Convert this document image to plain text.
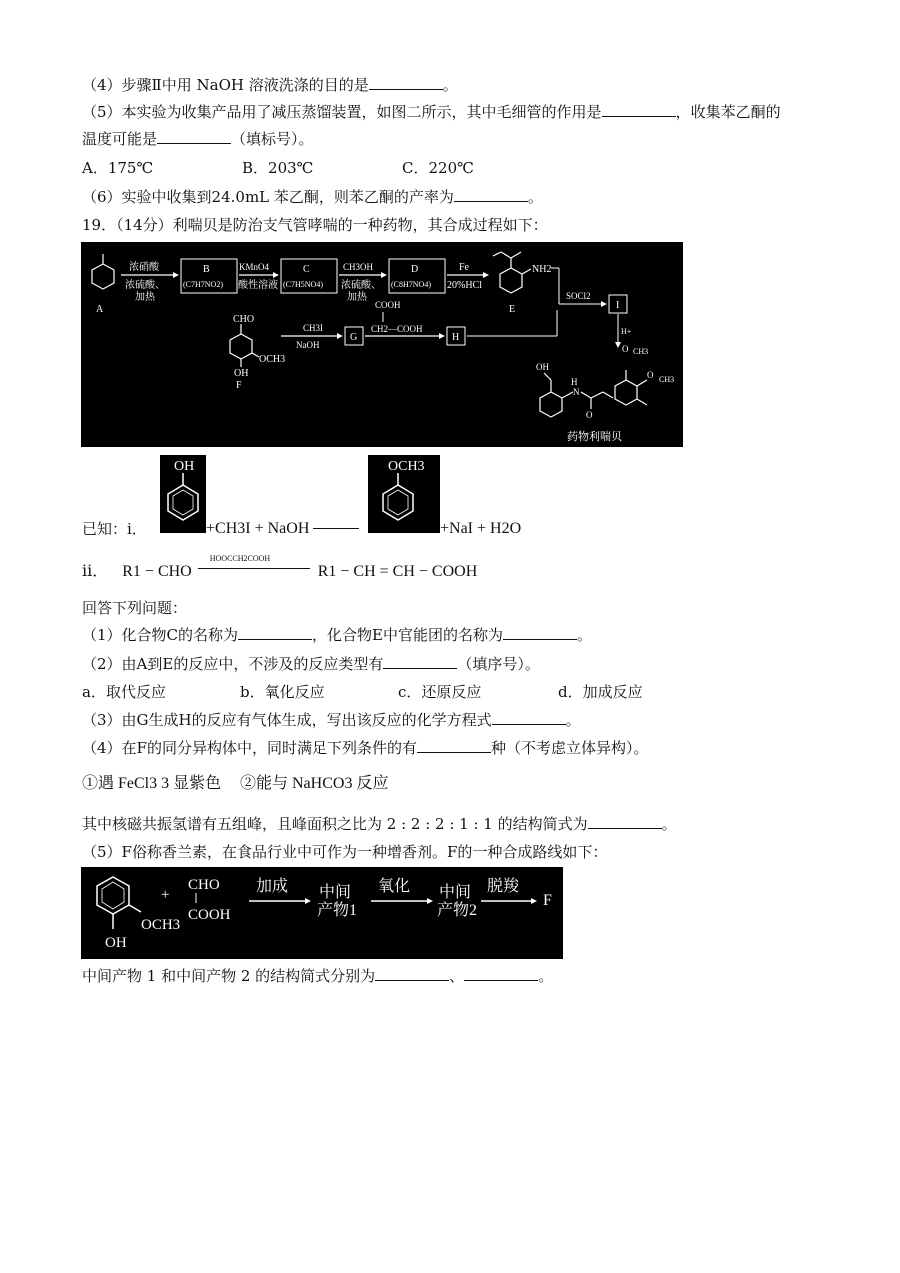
（4）步骤Ⅱ中用 NaOH 溶液洗涤的目的是	。
（5）本实验为收集产品用了减压蒸馏装置，如图二所示，其中毛细管的作用是	，收集苯乙酮的
温度可能是	（填标号）。
A．175℃	B．203℃	C．220℃
（6）实验中收集到24.0mL 苯乙酮，则苯乙酮的产率为	。
19．（14分）利喘贝是防治支气管哮喘的一种药物，其合成过程如下：
A
浓硝酸
浓硫酸、
加热
B
(C7H7NO2)
KMnO4
酸性溶液
C
(C7H5NO4)
CH3OH
浓硫酸、
加热
D
(C8H7NO4)
Fe
20%HCl
NH2
E
SOCl2
I
H+
CHO
OCH3
OH
F
CH3I
NaOH
G
COOH
CH2—COOH
H
OH
H
N
O
O CH3
O CH3
药物利喘贝
已知：ⅰ．
OH
+CH3I + NaOH
OCH3
+NaI + H2O
ⅱ． R1 − CHO
HOOCCH2COOH
R1 − CH = CH − COOH
回答下列问题：
（1）化合物C的名称为	，化合物E中官能团的名称为	。
（2）由A到E的反应中，不涉及的反应类型有	（填序号）。
a．取代反应	b．氧化反应	c．还原反应	d．加成反应
（3）由G生成H的反应有气体生成，写出该反应的化学方程式	。
（4）在F的同分异构体中，同时满足下列条件的有	种（不考虑立体异构）。
①遇 FeCl3 3 显紫色 ②能与 NaHCO3 反应
其中核磁共振氢谱有五组峰，且峰面积之比为 2 : 2 : 2 : 1 : 1 的结构简式为	。
（5）F俗称香兰素，在食品行业中可作为一种增香剂。F的一种合成路线如下：
OH
OCH3
+
CHO
COOH
加成 中间
产物1
氧化 中间
产物2
脱羧
F
中间产物 1 和中间产物 2 的结构简式分别为	、	。
